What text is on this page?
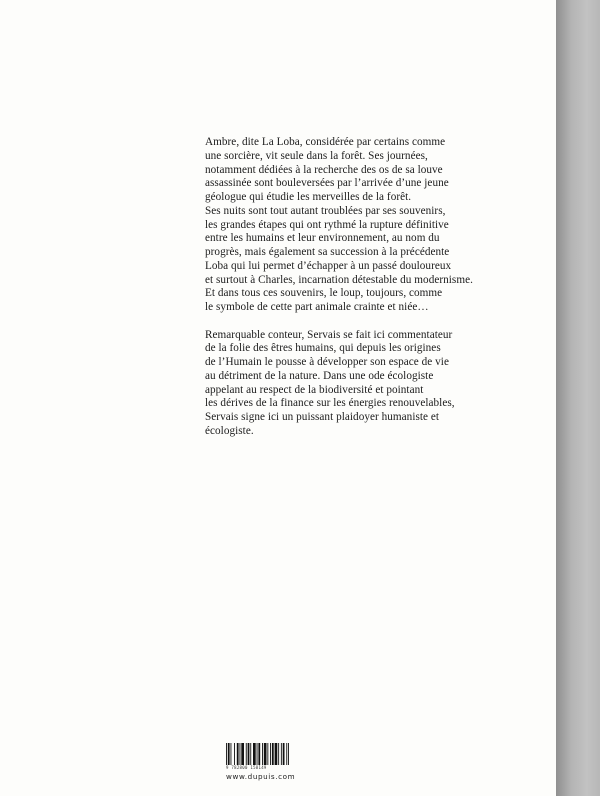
Ambre, dite La Loba, considérée par certains comme
une sorcière, vit seule dans la forêt. Ses journées,
notamment dédiées à la recherche des os de sa louve
assassinée sont bouleversées par l’arrivée d’une jeune
géologue qui étudie les merveilles de la forêt.
Ses nuits sont tout autant troublées par ses souvenirs,
les grandes étapes qui ont rythmé la rupture définitive
entre les humains et leur environnement, au nom du
progrès, mais également sa succession à la précédente
Loba qui lui permet d’échapper à un passé douloureux
et surtout à Charles, incarnation détestable du modernisme.
Et dans tous ces souvenirs, le loup, toujours, comme
le symbole de cette part animale crainte et niée…

Remarquable conteur, Servais se fait ici commentateur
de la folie des êtres humains, qui depuis les origines
de l’Humain le pousse à développer son espace de vie
au détriment de la nature. Dans une ode écologiste
appelant au respect de la biodiversité et pointant
les dérives de la finance sur les énergies renouvelables,
Servais signe ici un puissant plaidoyer humaniste et
écologiste.

9 782800 158149
www.dupuis.com
